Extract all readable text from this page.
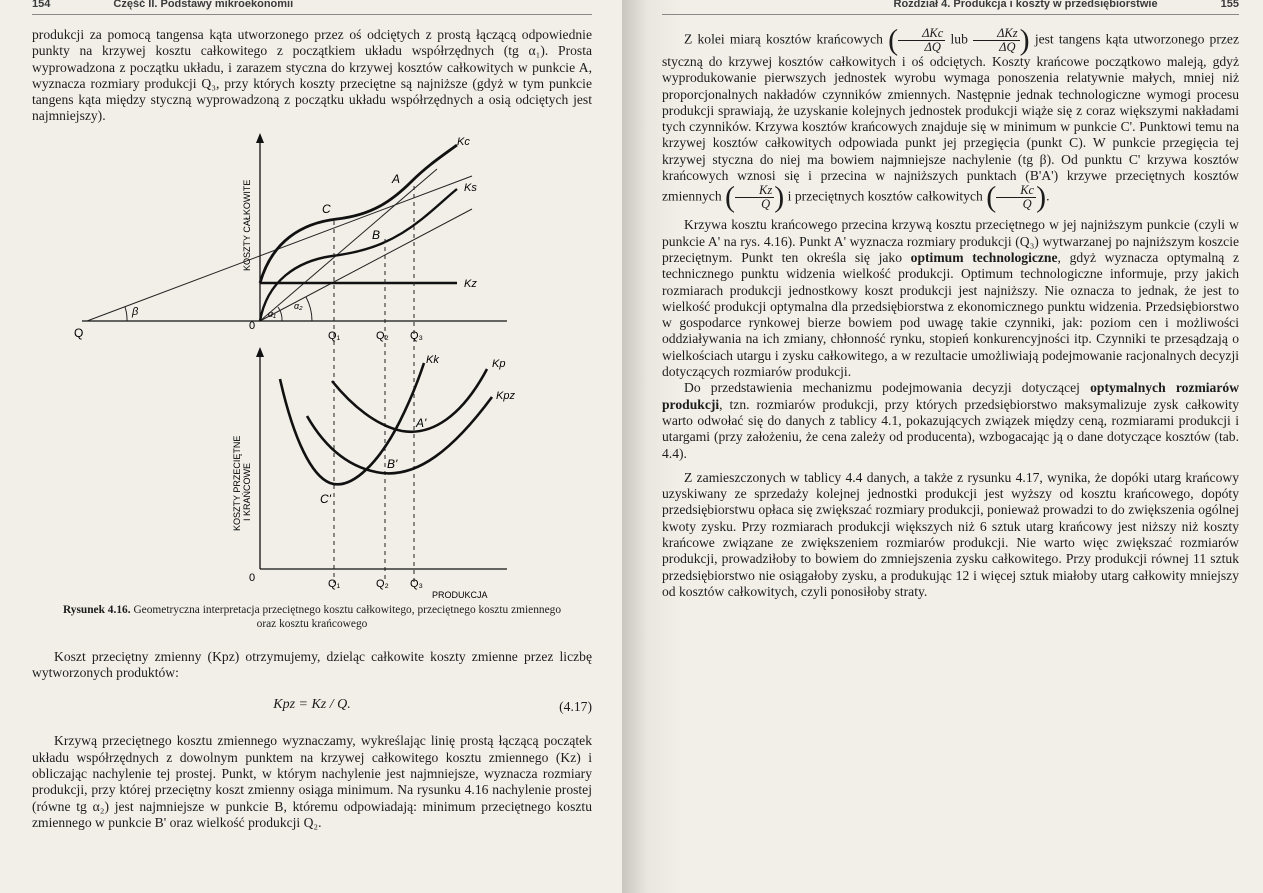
154	Część II. Podstawy mikroekonomii

produkcji za pomocą tangensa kąta utworzonego przez oś odciętych z prostą łączącą odpowiednie punkty na krzywej kosztu całkowitego z początkiem układu współrzędnych (tg α₁). Prosta wyprowadzona z początku układu, i zarazem styczna do krzywej kosztów całkowitych w punkcie A, wyznacza rozmiary produkcji Q₃, przy których koszty przeciętne są najniższe (gdyż w tym punkcie tangens kąta między styczną wyprowadzoną z początku układu współrzędnych a osią odciętych jest najmniejszy).

Q
β
0
α₁
α₂
Kc
Ks
Kz
A
B
C
Q₁	Q₂ Q₃
KOSZTY CAŁKOWITE
0
Kk	Kp
Kpz
A'
B'
C'
Q₁	Q₂ Q₃
PRODUKCJA
KOSZTY PRZECIĘTNE I KRAŃCOWE
Rysunek 4.16. Geometryczna interpretacja przeciętnego kosztu całkowitego, przeciętnego kosztu zmiennego oraz kosztu krańcowego

Koszt przeciętny zmienny (Kpz) otrzymujemy, dzieląc całkowite koszty zmienne przez liczbę wytworzonych produktów:

Kpz = Kz / Q.	(4.17)

Krzywą przeciętnego kosztu zmiennego wyznaczamy, wykreślając linię prostą łączącą początek układu współrzędnych z dowolnym punktem na krzywej całkowitego kosztu zmiennego (Kz) i obliczając nachylenie tej prostej. Punkt, w którym nachylenie jest najmniejsze, wyznacza rozmiary produkcji, przy której przeciętny koszt zmienny osiąga minimum. Na rysunku 4.16 nachylenie prostej (równe tg α₂) jest najmniejsze w punkcie B, któremu odpowiadają: minimum przeciętnego kosztu zmiennego w punkcie B' oraz wielkość produkcji Q₂.

Rozdział 4. Produkcja i koszty w przedsiębiorstwie	155

Z kolei miarą kosztów krańcowych ( $\frac{\text{ΔKc}}{\Delta Q}$ lub $\frac{\text{ΔKz}}{\Delta Q}$ ) jest tangens kąta utworzonego przez styczną do krzywej kosztów całkowitych i oś odciętych. Koszty krańcowe początkowo maleją, gdyż wyprodukowanie pierwszych jednostek wyrobu wymaga ponoszenia relatywnie małych, mniej niż proporcjonalnych nakładów czynników zmiennych. Następnie jednak technologiczne wymogi procesu produkcji sprawiają, że uzyskanie kolejnych jednostek produkcji wiąże się z coraz większymi nakładami tych czynników. Krzywa kosztów krańcowych znajduje się w minimum w punkcie C'. Punktowi temu na krzywej kosztów całkowitych odpowiada punkt jej przegięcia (punkt C). W punkcie przegięcia tej krzywej styczna do niej ma bowiem najmniejsze nachylenie (tg β). Od punktu C' krzywa kosztów krańcowych wznosi się i przecina w najniższych punktach (B'A') krzywe przeciętnych kosztów zmiennych ( $\frac{Kz}{Q}$ ) i przeciętnych kosztów całkowitych ( $\frac{Kc}{Q}$ ).

Krzywa kosztu krańcowego przecina krzywą kosztu przeciętnego w jej najniższym punkcie (czyli w punkcie A' na rys. 4.16). Punkt A' wyznacza rozmiary produkcji (Q₃) wytwarzanej po najniższym koszcie przeciętnym. Punkt ten określa się jako optimum technologiczne, gdyż wyznacza optymalną z technicznego punktu widzenia wielkość produkcji. Optimum technologiczne informuje, przy jakich rozmiarach produkcji jednostkowy koszt produkcji jest najniższy. Nie oznacza to jednak, że jest to wielkość produkcji optymalna dla przedsiębiorstwa z ekonomicznego punktu widzenia. Przedsiębiorstwo w gospodarce rynkowej bierze bowiem pod uwagę takie czynniki, jak: poziom cen i możliwości oddziaływania na ich zmiany, chłonność rynku, stopień konkurencyjności itp. Czynniki te przesądzają o wielkościach utargu i zysku całkowitego, a w rezultacie umożliwiają podejmowanie racjonalnych decyzji dotyczących rozmiarów produkcji.

Do przedstawienia mechanizmu podejmowania decyzji dotyczącej optymalnych rozmiarów produkcji, tzn. rozmiarów produkcji, przy których przedsiębiorstwo maksymalizuje zysk całkowity warto odwołać się do danych z tablicy 4.1, pokazujących związek między ceną, rozmiarami produkcji i utargami (przy założeniu, że cena zależy od producenta), wzbogacając ją o dane dotyczące kosztów (tab. 4.4).

Z zamieszczonych w tablicy 4.4 danych, a także z rysunku 4.17, wynika, że dopóki utarg krańcowy uzyskiwany ze sprzedaży kolejnej jednostki produkcji jest wyższy od kosztu krańcowego, dopóty przedsiębiorstwu opłaca się zwiększać rozmiary produkcji, ponieważ prowadzi to do zwiększenia ogólnej kwoty zysku. Przy rozmiarach produkcji większych niż 6 sztuk utarg krańcowy jest niższy niż koszty krańcowe związane ze zwiększeniem rozmiarów produkcji. Nie warto więc zwiększać rozmiarów produkcji, prowadziłoby to bowiem do zmniejszenia zysku całkowitego. Przy produkcji równej 11 sztuk przedsiębiorstwo nie osiągałoby zysku, a produkując 12 i więcej sztuk miałoby utarg całkowity mniejszy od kosztów całkowitych, czyli ponosiłoby straty.
